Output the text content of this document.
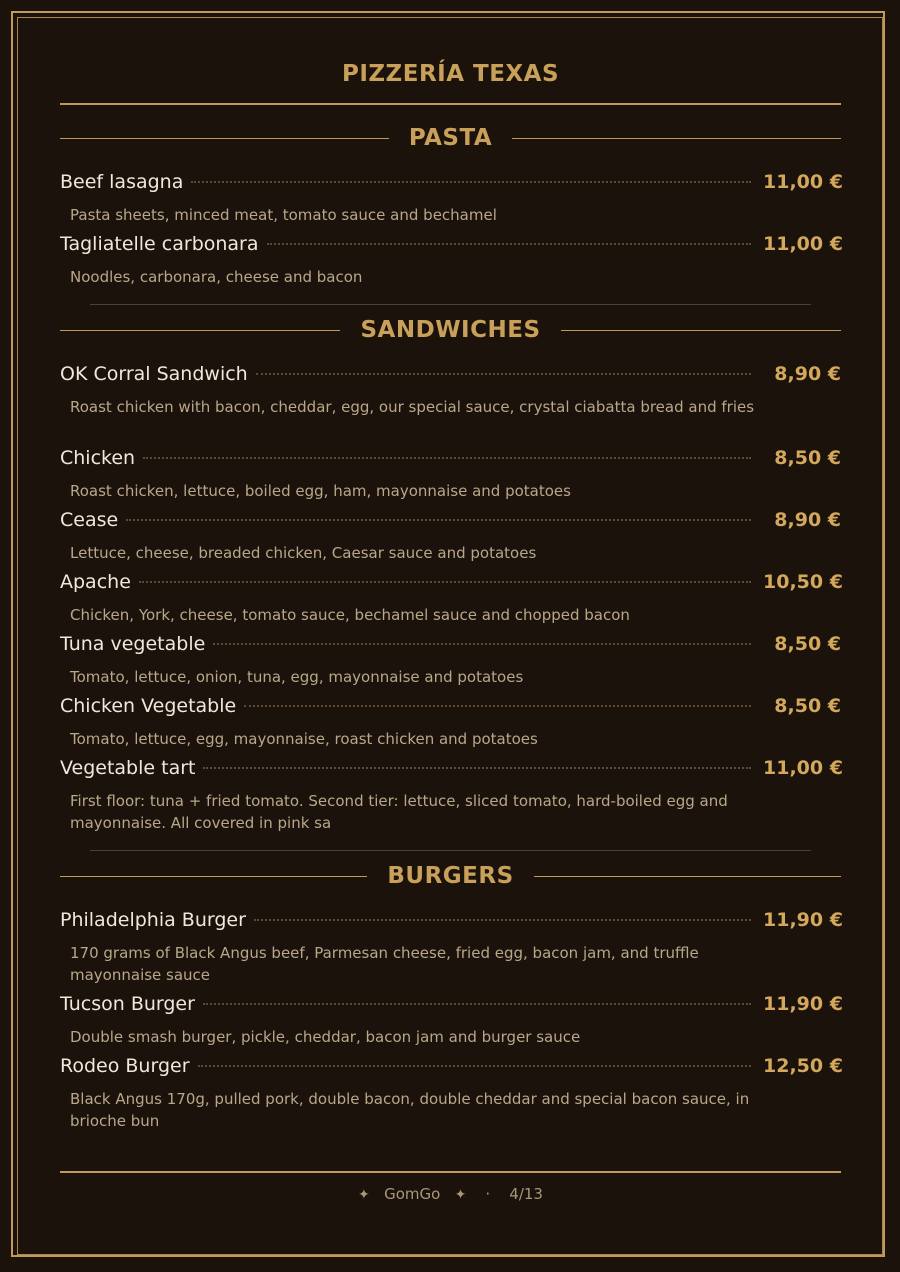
PIZZERÍA TEXAS
PASTA
Beef lasagna	11,00 €
Pasta sheets, minced meat, tomato sauce and bechamel
Tagliatelle carbonara	11,00 €
Noodles, carbonara, cheese and bacon
SANDWICHES
OK Corral Sandwich	8,90 €
Roast chicken with bacon, cheddar, egg, our special sauce, crystal ciabatta bread and fries
Chicken	8,50 €
Roast chicken, lettuce, boiled egg, ham, mayonnaise and potatoes
Cease	8,90 €
Lettuce, cheese, breaded chicken, Caesar sauce and potatoes
Apache	10,50 €
Chicken, York, cheese, tomato sauce, bechamel sauce and chopped bacon
Tuna vegetable	8,50 €
Tomato, lettuce, onion, tuna, egg, mayonnaise and potatoes
Chicken Vegetable	8,50 €
Tomato, lettuce, egg, mayonnaise, roast chicken and potatoes
Vegetable tart	11,00 €
First floor: tuna + fried tomato. Second tier: lettuce, sliced tomato, hard-boiled egg and mayonnaise. All covered in pink sa
BURGERS
Philadelphia Burger	11,90 €
170 grams of Black Angus beef, Parmesan cheese, fried egg, bacon jam, and truffle mayonnaise sauce
Tucson Burger	11,90 €
Double smash burger, pickle, cheddar, bacon jam and burger sauce
Rodeo Burger	12,50 €
Black Angus 170g, pulled pork, double bacon, double cheddar and special bacon sauce, in brioche bun
✦ GomGo ✦ · 4/13
